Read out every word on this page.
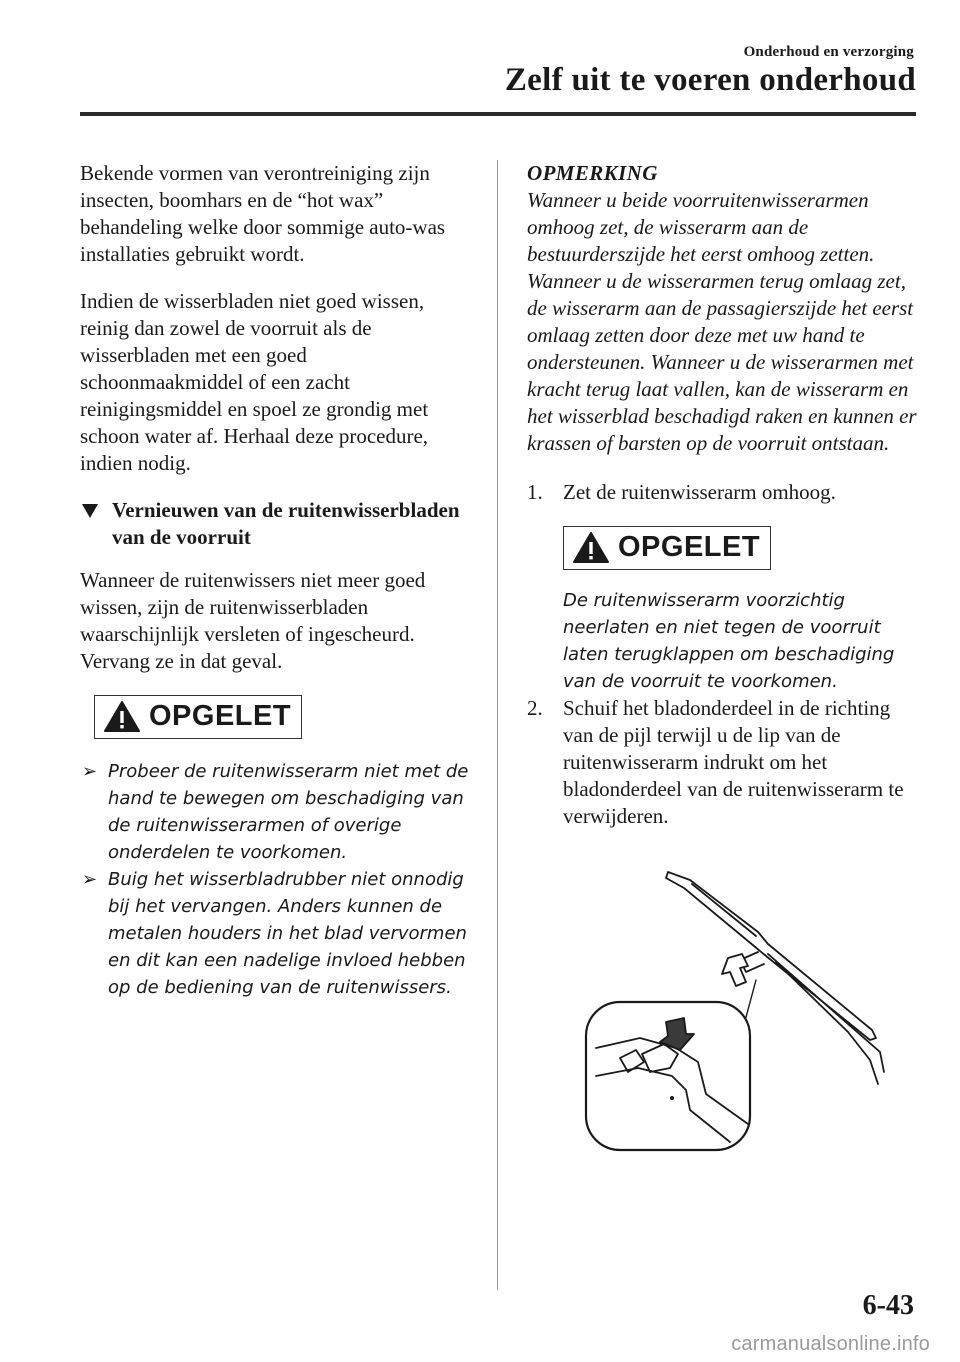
Onderhoud en verzorging
Zelf uit te voeren onderhoud

Bekende vormen van verontreiniging zijn insecten, boomhars en de “hot wax” behandeling welke door sommige auto-was installaties gebruikt wordt.

Indien de wisserbladen niet goed wissen, reinig dan zowel de voorruit als de wisserbladen met een goed schoonmaakmiddel of een zacht reinigingsmiddel en spoel ze grondig met schoon water af. Herhaal deze procedure, indien nodig.

Vernieuwen van de ruitenwisserbladen van de voorruit

Wanneer de ruitenwissers niet meer goed wissen, zijn de ruitenwisserbladen waarschijnlijk versleten of ingescheurd. Vervang ze in dat geval.

OPGELET
➢ Probeer de ruitenwisserarm niet met de hand te bewegen om beschadiging van de ruitenwisserarmen of overige onderdelen te voorkomen.
➢ Buig het wisserbladrubber niet onnodig bij het vervangen. Anders kunnen de metalen houders in het blad vervormen en dit kan een nadelige invloed hebben op de bediening van de ruitenwissers.

OPMERKING

Wanneer u beide voorruitenwisserarmen omhoog zet, de wisserarm aan de bestuurderszijde het eerst omhoog zetten. Wanneer u de wisserarmen terug omlaag zet, de wisserarm aan de passagierszijde het eerst omlaag zetten door deze met uw hand te ondersteunen. Wanneer u de wisserarmen met kracht terug laat vallen, kan de wisserarm en het wisserblad beschadigd raken en kunnen er krassen of barsten op de voorruit ontstaan.

1. Zet de ruitenwisserarm omhoog.
OPGELET

De ruitenwisserarm voorzichtig neerlaten en niet tegen de voorruit laten terugklappen om beschadiging van de voorruit te voorkomen.

2. Schuif het bladonderdeel in de richting van de pijl terwijl u de lip van de ruitenwisserarm indrukt om het bladonderdeel van de ruitenwisserarm te verwijderen.
6-43
carmanualsonline.info
